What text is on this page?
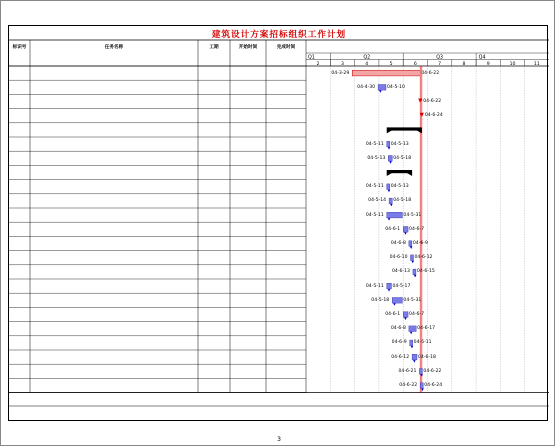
建筑设计方案招标组织工作计划
标识号	任务名称	工期	开始时间	完成时间
Q1	Q2	Q3	Q4
2	3	4	5	6	7	8	9	10	11
04-3-29	04-6-22
04-4-30	04-5-10
04-6-22
04-6-24
04-5-11 04-5-13
04-5-13 04-5-18
04-5-11 04-5-13
04-5-14 04-5-18
04-5-11	04-5-31
04-6-1 04-6-7
04-6-8 04-6-9
04-6-10 04-6-12
04-6-13 04-6-15
04-5-11 04-5-17
04-5-18	04-5-31
04-6-1 04-6-7
04-6-8 04-6-17
04-6-9 04-6-11
04-6-12 04-6-18
04-6-21 04-6-22
04-6-22 04-6-24
3
